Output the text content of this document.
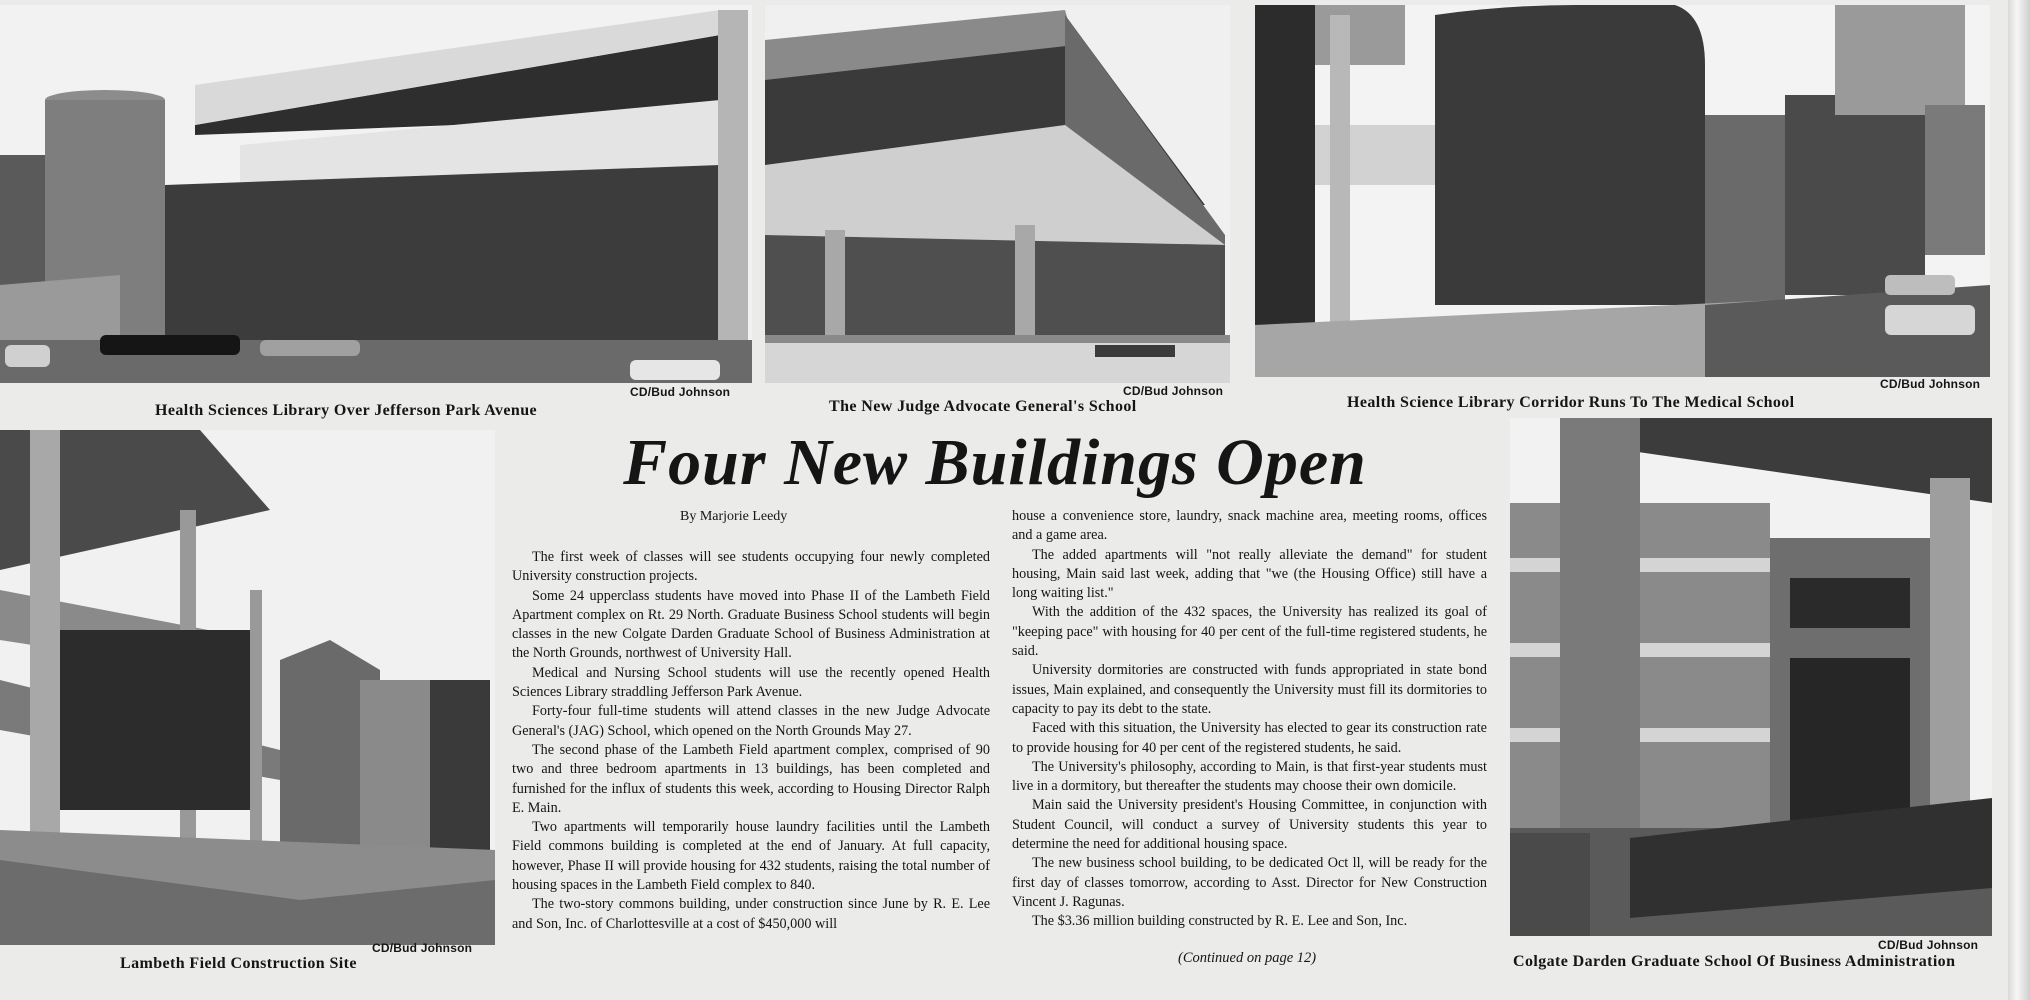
Health Sciences Library Over Jefferson Park Avenue
CD/Bud Johnson
The New Judge Advocate General's School
CD/Bud Johnson
Health Science Library Corridor Runs To The Medical School
CD/Bud Johnson
Lambeth Field Construction Site
CD/Bud Johnson
Colgate Darden Graduate School Of Business Administration
CD/Bud Johnson
Four New Buildings Open
By Marjorie Leedy

The first week of classes will see students occupying four newly completed University construction projects.

Some 24 upperclass students have moved into Phase II of the Lambeth Field Apartment complex on Rt. 29 North. Graduate Business School students will begin classes in the new Colgate Darden Graduate School of Business Administration at the North Grounds, northwest of University Hall.

Medical and Nursing School students will use the recently opened Health Sciences Library straddling Jefferson Park Avenue.

Forty-four full-time students will attend classes in the new Judge Advocate General's (JAG) School, which opened on the North Grounds May 27.

The second phase of the Lambeth Field apartment complex, comprised of 90 two and three bedroom apartments in 13 buildings, has been completed and furnished for the influx of students this week, according to Housing Director Ralph E. Main.

Two apartments will temporarily house laundry facilities until the Lambeth Field commons building is completed at the end of January. At full capacity, however, Phase II will provide housing for 432 students, raising the total number of housing spaces in the Lambeth Field complex to 840.

The two-story commons building, under construction since June by R. E. Lee and Son, Inc. of Charlottesville at a cost of $450,000 will

house a convenience store, laundry, snack machine area, meeting rooms, offices and a game area.

The added apartments will "not really alleviate the demand" for student housing, Main said last week, adding that "we (the Housing Office) still have a long waiting list."

With the addition of the 432 spaces, the University has realized its goal of "keeping pace" with housing for 40 per cent of the full-time registered students, he said.

University dormitories are constructed with funds appropriated in state bond issues, Main explained, and consequently the University must fill its dormitories to capacity to pay its debt to the state.

Faced with this situation, the University has elected to gear its construction rate to provide housing for 40 per cent of the registered students, he said.

The University's philosophy, according to Main, is that first-year students must live in a dormitory, but thereafter the students may choose their own domicile.

Main said the University president's Housing Committee, in conjunction with Student Council, will conduct a survey of University students this year to determine the need for additional housing space.

The new business school building, to be dedicated Oct ll, will be ready for the first day of classes tomorrow, according to Asst. Director for New Construction Vincent J. Ragunas.

The $3.36 million building constructed by R. E. Lee and Son, Inc.

(Continued on page 12)
